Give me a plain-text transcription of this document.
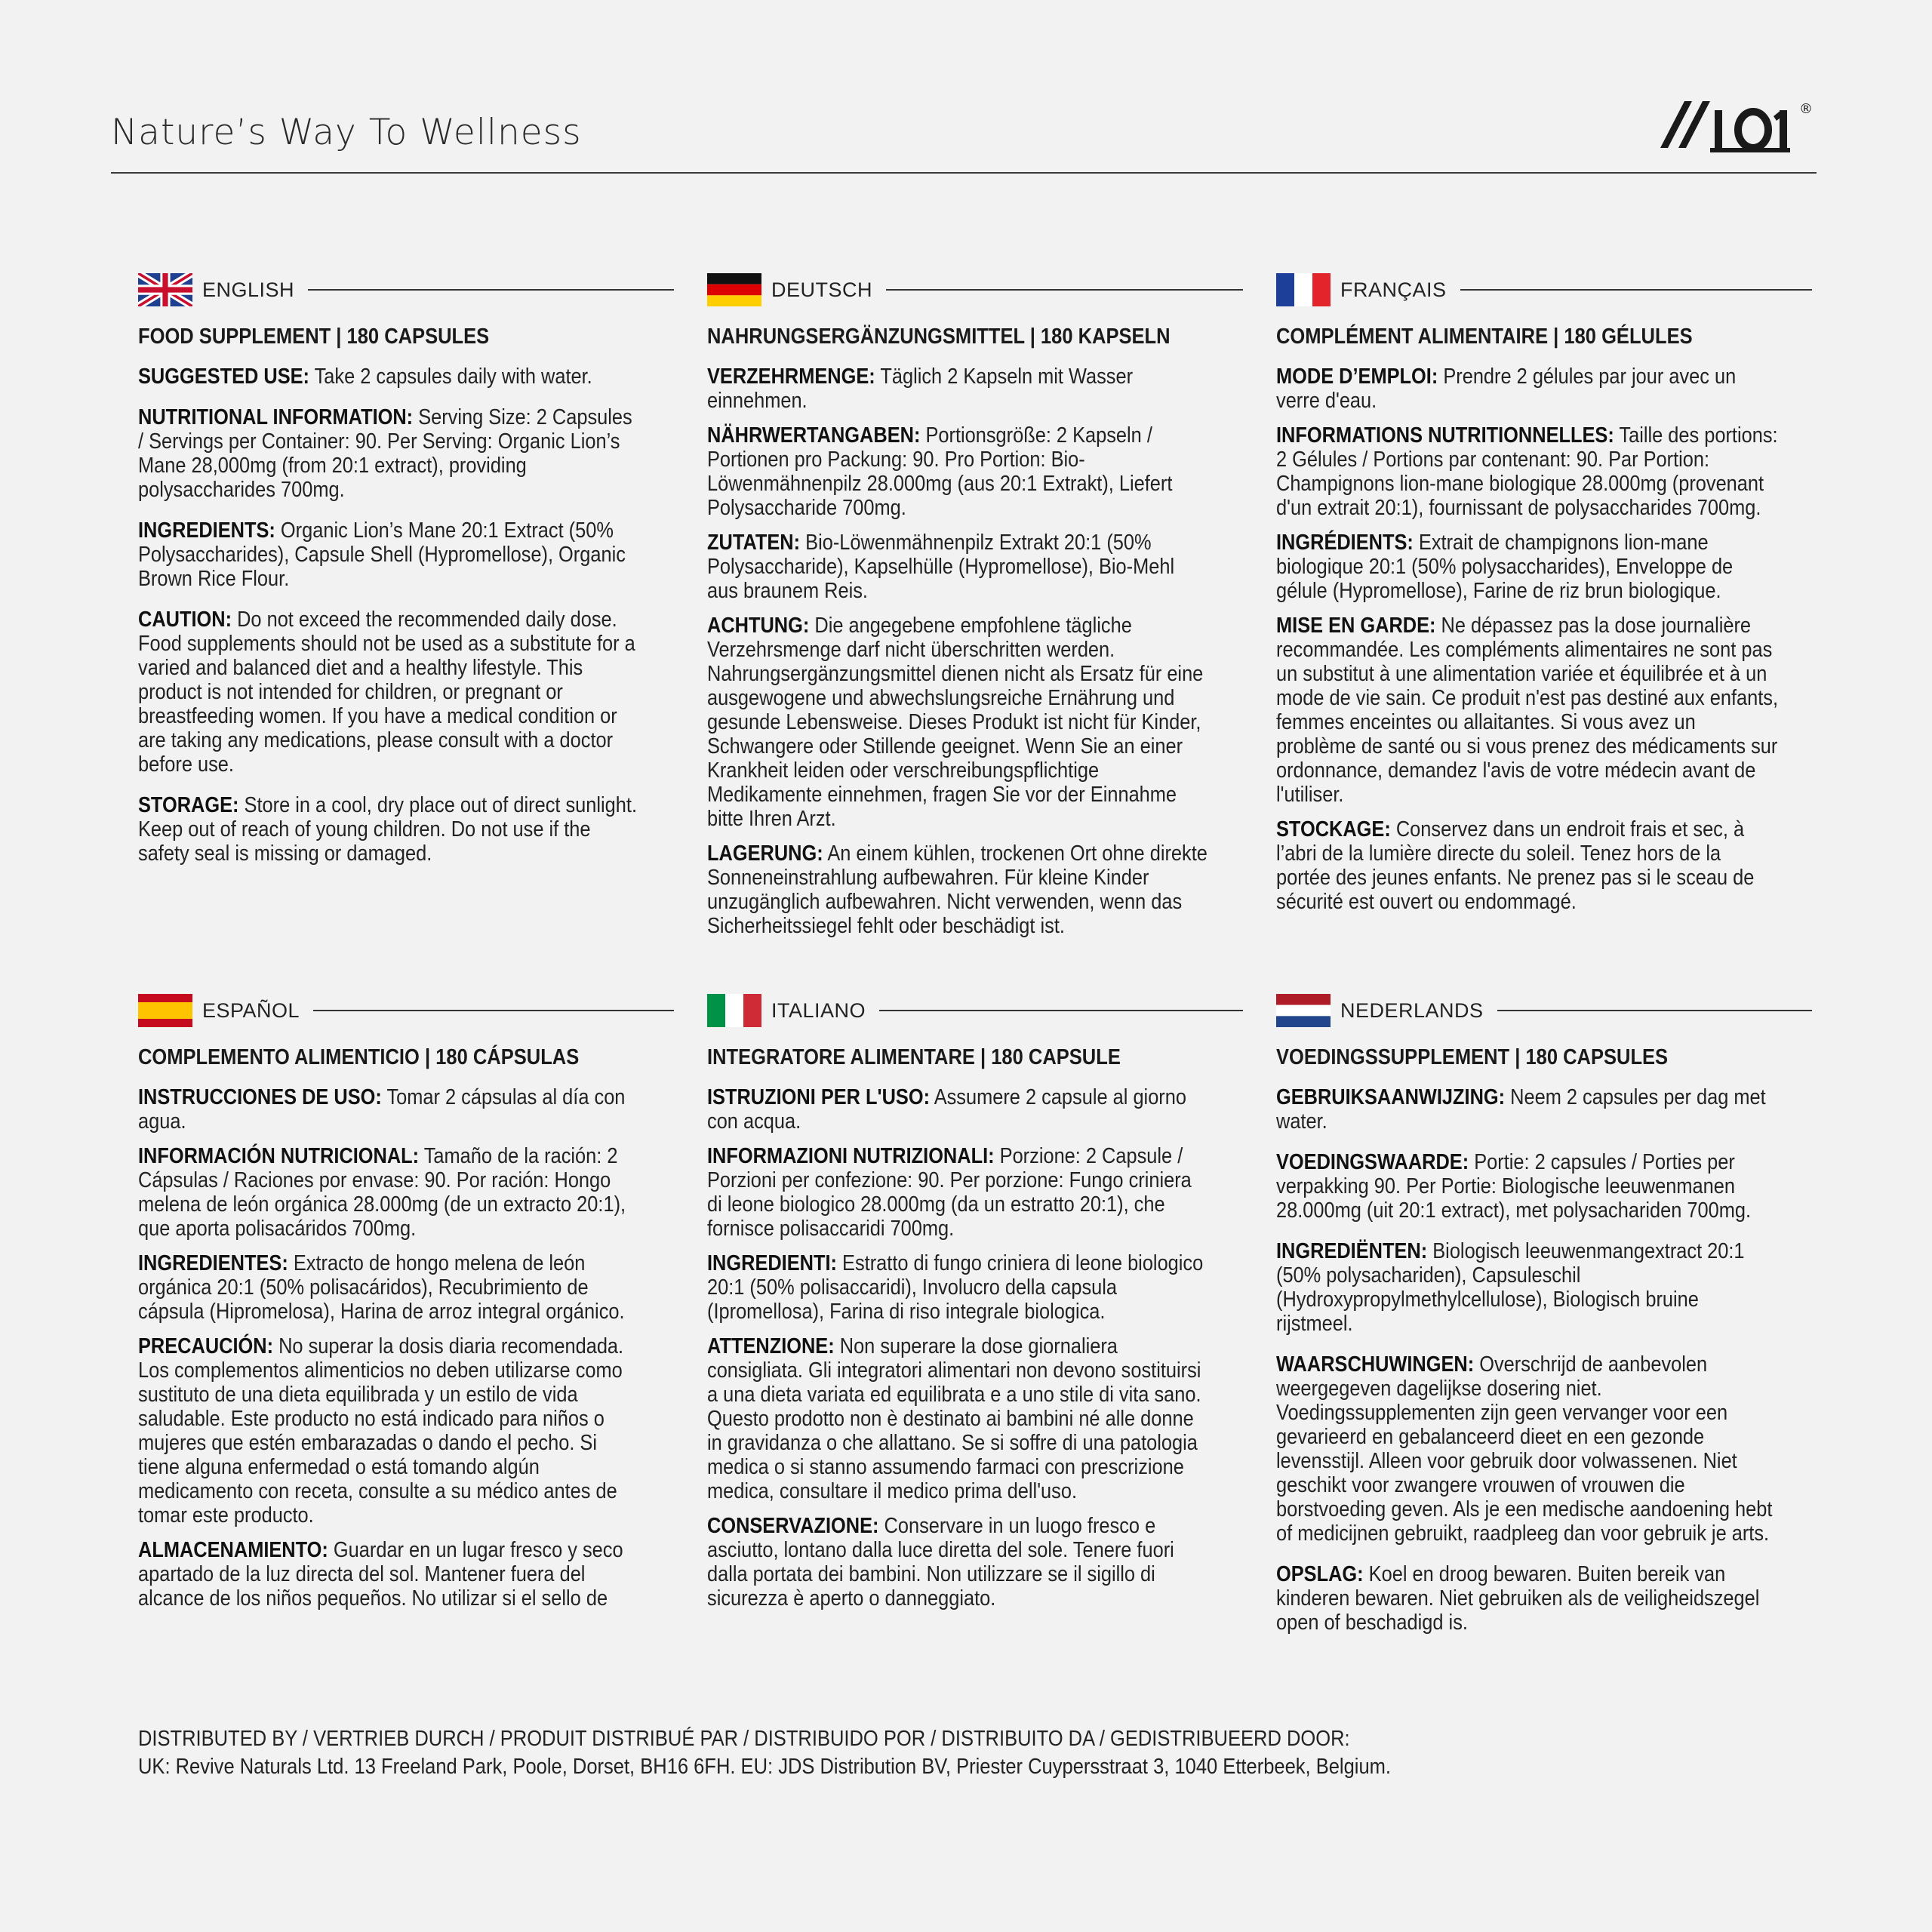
Nature’s Way To Wellness
®
ENGLISH
FOOD SUPPLEMENT | 180 CAPSULES

SUGGESTED USE: Take 2 capsules daily with water.

NUTRITIONAL INFORMATION: Serving Size: 2 Capsules / Servings per Container: 90. Per Serving: Organic Lion’s Mane 28,000mg (from 20:1 extract), providing polysaccharides 700mg.

INGREDIENTS: Organic Lion’s Mane 20:1 Extract (50% Polysaccharides), Capsule Shell (Hypromellose), Organic Brown Rice Flour.

CAUTION: Do not exceed the recommended daily dose. Food supplements should not be used as a substitute for a varied and balanced diet and a healthy lifestyle. This product is not intended for children, or pregnant or breastfeeding women. If you have a medical condition or are taking any medications, please consult with a doctor before use.

STORAGE: Store in a cool, dry place out of direct sunlight. Keep out of reach of young children. Do not use if the safety seal is missing or damaged.

DEUTSCH
NAHRUNGSERGÄNZUNGSMITTEL | 180 KAPSELN

VERZEHRMENGE: Täglich 2 Kapseln mit Wasser einnehmen.

NÄHRWERTANGABEN: Portionsgröße: 2 Kapseln / Portionen pro Packung: 90. Pro Portion: Bio-Löwenmähnenpilz 28.000mg (aus 20:1 Extrakt), Liefert Polysaccharide 700mg.

ZUTATEN: Bio-Löwenmähnenpilz Extrakt 20:1 (50% Polysaccharide), Kapselhülle (Hypromellose), Bio-Mehl aus braunem Reis.

ACHTUNG: Die angegebene empfohlene tägliche Verzehrsmenge darf nicht überschritten werden. Nahrungsergänzungsmittel dienen nicht als Ersatz für eine ausgewogene und abwechslungsreiche Ernährung und gesunde Lebensweise. Dieses Produkt ist nicht für Kinder, Schwangere oder Stillende geeignet. Wenn Sie an einer Krankheit leiden oder verschreibungspflichtige Medikamente einnehmen, fragen Sie vor der Einnahme bitte Ihren Arzt.

LAGERUNG: An einem kühlen, trockenen Ort ohne direkte Sonneneinstrahlung aufbewahren. Für kleine Kinder unzugänglich aufbewahren. Nicht verwenden, wenn das Sicherheitssiegel fehlt oder beschädigt ist.

FRANÇAIS
COMPLÉMENT ALIMENTAIRE | 180 GÉLULES

MODE D’EMPLOI: Prendre 2 gélules par jour avec un verre d'eau.

INFORMATIONS NUTRITIONNELLES: Taille des portions: 2 Gélules / Portions par contenant: 90. Par Portion: Champignons lion-mane biologique 28.000mg (provenant d'un extrait 20:1), fournissant de polysaccharides 700mg.

INGRÉDIENTS: Extrait de champignons lion-mane biologique 20:1 (50% polysaccharides), Enveloppe de gélule (Hypromellose), Farine de riz brun biologique.

MISE EN GARDE: Ne dépassez pas la dose journalière recommandée. Les compléments alimentaires ne sont pas un substitut à une alimentation variée et équilibrée et à un mode de vie sain. Ce produit n'est pas destiné aux enfants, femmes enceintes ou allaitantes. Si vous avez un problème de santé ou si vous prenez des médicaments sur ordonnance, demandez l'avis de votre médecin avant de l'utiliser.

STOCKAGE: Conservez dans un endroit frais et sec, à l’abri de la lumière directe du soleil. Tenez hors de la portée des jeunes enfants. Ne prenez pas si le sceau de sécurité est ouvert ou endommagé.

ESPAÑOL
COMPLEMENTO ALIMENTICIO | 180 CÁPSULAS

INSTRUCCIONES DE USO: Tomar 2 cápsulas al día con agua.

INFORMACIÓN NUTRICIONAL: Tamaño de la ración: 2 Cápsulas / Raciones por envase: 90. Por ración: Hongo melena de león orgánica 28.000mg (de un extracto 20:1), que aporta polisacáridos 700mg.

INGREDIENTES: Extracto de hongo melena de león orgánica 20:1 (50% polisacáridos), Recubrimiento de cápsula (Hipromelosa), Harina de arroz integral orgánico.

PRECAUCIÓN: No superar la dosis diaria recomendada. Los complementos alimenticios no deben utilizarse como sustituto de una dieta equilibrada y un estilo de vida saludable. Este producto no está indicado para niños o mujeres que estén embarazadas o dando el pecho. Si tiene alguna enfermedad o está tomando algún medicamento con receta, consulte a su médico antes de tomar este producto.

ALMACENAMIENTO: Guardar en un lugar fresco y seco apartado de la luz directa del sol. Mantener fuera del alcance de los niños pequeños. No utilizar si el sello de

ITALIANO
INTEGRATORE ALIMENTARE | 180 CAPSULE

ISTRUZIONI PER L'USO: Assumere 2 capsule al giorno con acqua.

INFORMAZIONI NUTRIZIONALI: Porzione: 2 Capsule / Porzioni per confezione: 90. Per porzione: Fungo criniera di leone biologico 28.000mg (da un estratto 20:1), che fornisce polisaccaridi 700mg.

INGREDIENTI: Estratto di fungo criniera di leone biologico 20:1 (50% polisaccaridi), Involucro della capsula (Ipromellosa), Farina di riso integrale biologica.

ATTENZIONE: Non superare la dose giornaliera consigliata. Gli integratori alimentari non devono sostituirsi a una dieta variata ed equilibrata e a uno stile di vita sano. Questo prodotto non è destinato ai bambini né alle donne in gravidanza o che allattano. Se si soffre di una patologia medica o si stanno assumendo farmaci con prescrizione medica, consultare il medico prima dell'uso.

CONSERVAZIONE: Conservare in un luogo fresco e asciutto, lontano dalla luce diretta del sole. Tenere fuori dalla portata dei bambini. Non utilizzare se il sigillo di sicurezza è aperto o danneggiato.

NEDERLANDS
VOEDINGSSUPPLEMENT | 180 CAPSULES

GEBRUIKSAANWIJZING: Neem 2 capsules per dag met water.

VOEDINGSWAARDE: Portie: 2 capsules / Porties per verpakking 90. Per Portie: Biologische leeuwenmanen 28.000mg (uit 20:1 extract), met polysachariden 700mg.

INGREDIËNTEN: Biologisch leeuwenmangextract 20:1 (50% polysachariden), Capsuleschil (Hydroxypropylmethylcellulose), Biologisch bruine rijstmeel.

WAARSCHUWINGEN: Overschrijd de aanbevolen weergegeven dagelijkse dosering niet. Voedingssupplementen zijn geen vervanger voor een gevarieerd en gebalanceerd dieet en een gezonde levensstijl. Alleen voor gebruik door volwassenen. Niet geschikt voor zwangere vrouwen of vrouwen die borstvoeding geven. Als je een medische aandoening hebt of medicijnen gebruikt, raadpleeg dan voor gebruik je arts.

OPSLAG: Koel en droog bewaren. Buiten bereik van kinderen bewaren. Niet gebruiken als de veiligheidszegel open of beschadigd is.

DISTRIBUTED BY / VERTRIEB DURCH / PRODUIT DISTRIBUÉ PAR / DISTRIBUIDO POR / DISTRIBUITO DA / GEDISTRIBUEERD DOOR:
UK: Revive Naturals Ltd. 13 Freeland Park, Poole, Dorset, BH16 6FH. EU: JDS Distribution BV, Priester Cuypersstraat 3, 1040 Etterbeek, Belgium.
